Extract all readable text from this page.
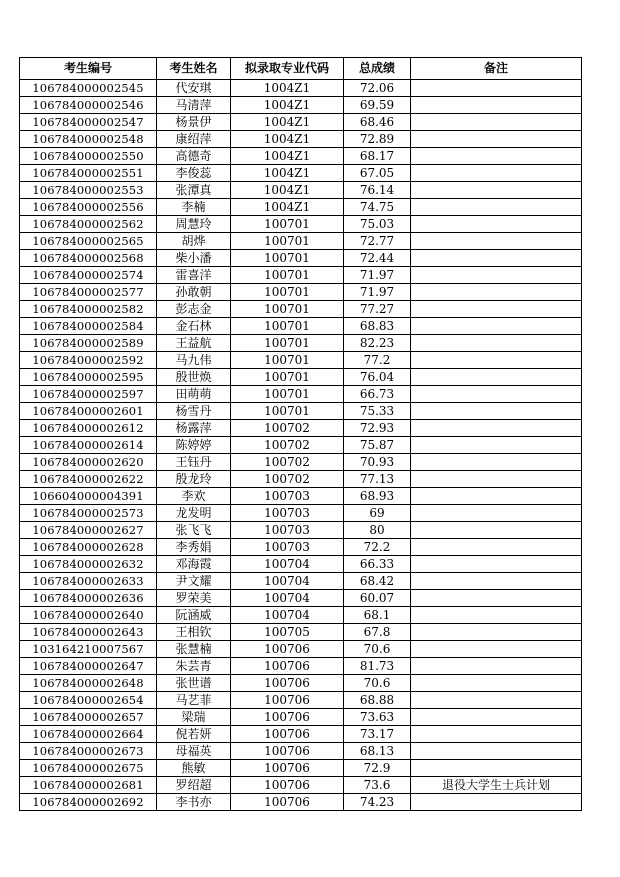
考生编号	考生姓名	拟录取专业代码	总成绩	备注
106784000002545	代安琪	1004Z1	72.06	
106784000002546	马清萍	1004Z1	69.59	
106784000002547	杨景伊	1004Z1	68.46	
106784000002548	康绍萍	1004Z1	72.89	
106784000002550	高德奇	1004Z1	68.17	
106784000002551	李俊蕊	1004Z1	67.05	
106784000002553	张潭真	1004Z1	76.14	
106784000002556	李楠	1004Z1	74.75	
106784000002562	周慧玲	100701	75.03	
106784000002565	胡烨	100701	72.77	
106784000002568	柴小潘	100701	72.44	
106784000002574	雷喜洋	100701	71.97	
106784000002577	孙敢朝	100701	71.97	
106784000002582	彭志金	100701	77.27	
106784000002584	金石林	100701	68.83	
106784000002589	王益航	100701	82.23	
106784000002592	马九伟	100701	77.2	
106784000002595	殷世焕	100701	76.04	
106784000002597	田萌萌	100701	66.73	
106784000002601	杨雪丹	100701	75.33	
106784000002612	杨露萍	100702	72.93	
106784000002614	陈婷婷	100702	75.87	
106784000002620	王钰丹	100702	70.93	
106784000002622	殷龙玲	100702	77.13	
106604000004391	李欢	100703	68.93	
106784000002573	龙发明	100703	69	
106784000002627	张飞飞	100703	80	
106784000002628	李秀娟	100703	72.2	
106784000002632	邓海霞	100704	66.33	
106784000002633	尹文耀	100704	68.42	
106784000002636	罗荣美	100704	60.07	
106784000002640	阮涵威	100704	68.1	
106784000002643	王相钦	100705	67.8	
103164210007567	张慧楠	100706	70.6	
106784000002647	朱芸青	100706	81.73	
106784000002648	张世谱	100706	70.6	
106784000002654	马艺菲	100706	68.88	
106784000002657	梁瑞	100706	73.63	
106784000002664	倪若妍	100706	73.17	
106784000002673	母福英	100706	68.13	
106784000002675	熊敏	100706	72.9	
106784000002681	罗绍超	100706	73.6	退役大学生士兵计划
106784000002692	李书亦	100706	74.23	
